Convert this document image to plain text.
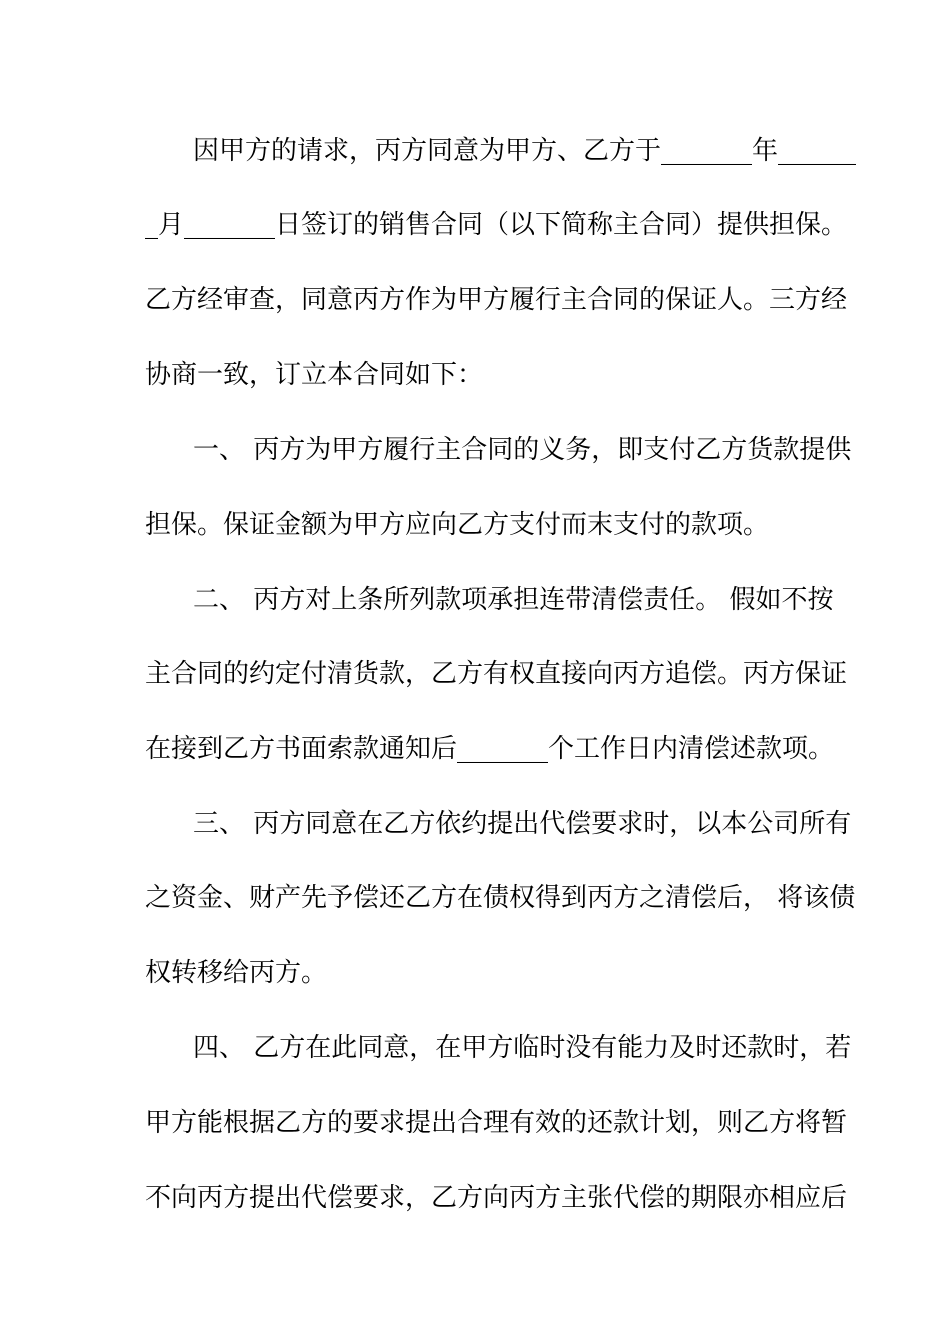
因甲方的请求，丙方同意为甲方、乙方于_______年______
_月_______日签订的销售合同（以下简称主合同）提供担保。
乙方经审查，同意丙方作为甲方履行主合同的保证人。三方经
协商一致，订立本合同如下：
一、 丙方为甲方履行主合同的义务，即支付乙方货款提供
担保。保证金额为甲方应向乙方支付而末支付的款项。
二、 丙方对上条所列款项承担连带清偿责任。 假如不按
主合同的约定付清货款，乙方有权直接向丙方追偿。丙方保证
在接到乙方书面索款通知后_______个工作日内清偿述款项。
三、 丙方同意在乙方依约提出代偿要求时，以本公司所有
之资金、财产先予偿还乙方在债权得到丙方之清偿后， 将该债
权转移给丙方。
四、 乙方在此同意，在甲方临时没有能力及时还款时，若
甲方能根据乙方的要求提出合理有效的还款计划，则乙方将暂
不向丙方提出代偿要求，乙方向丙方主张代偿的期限亦相应后
